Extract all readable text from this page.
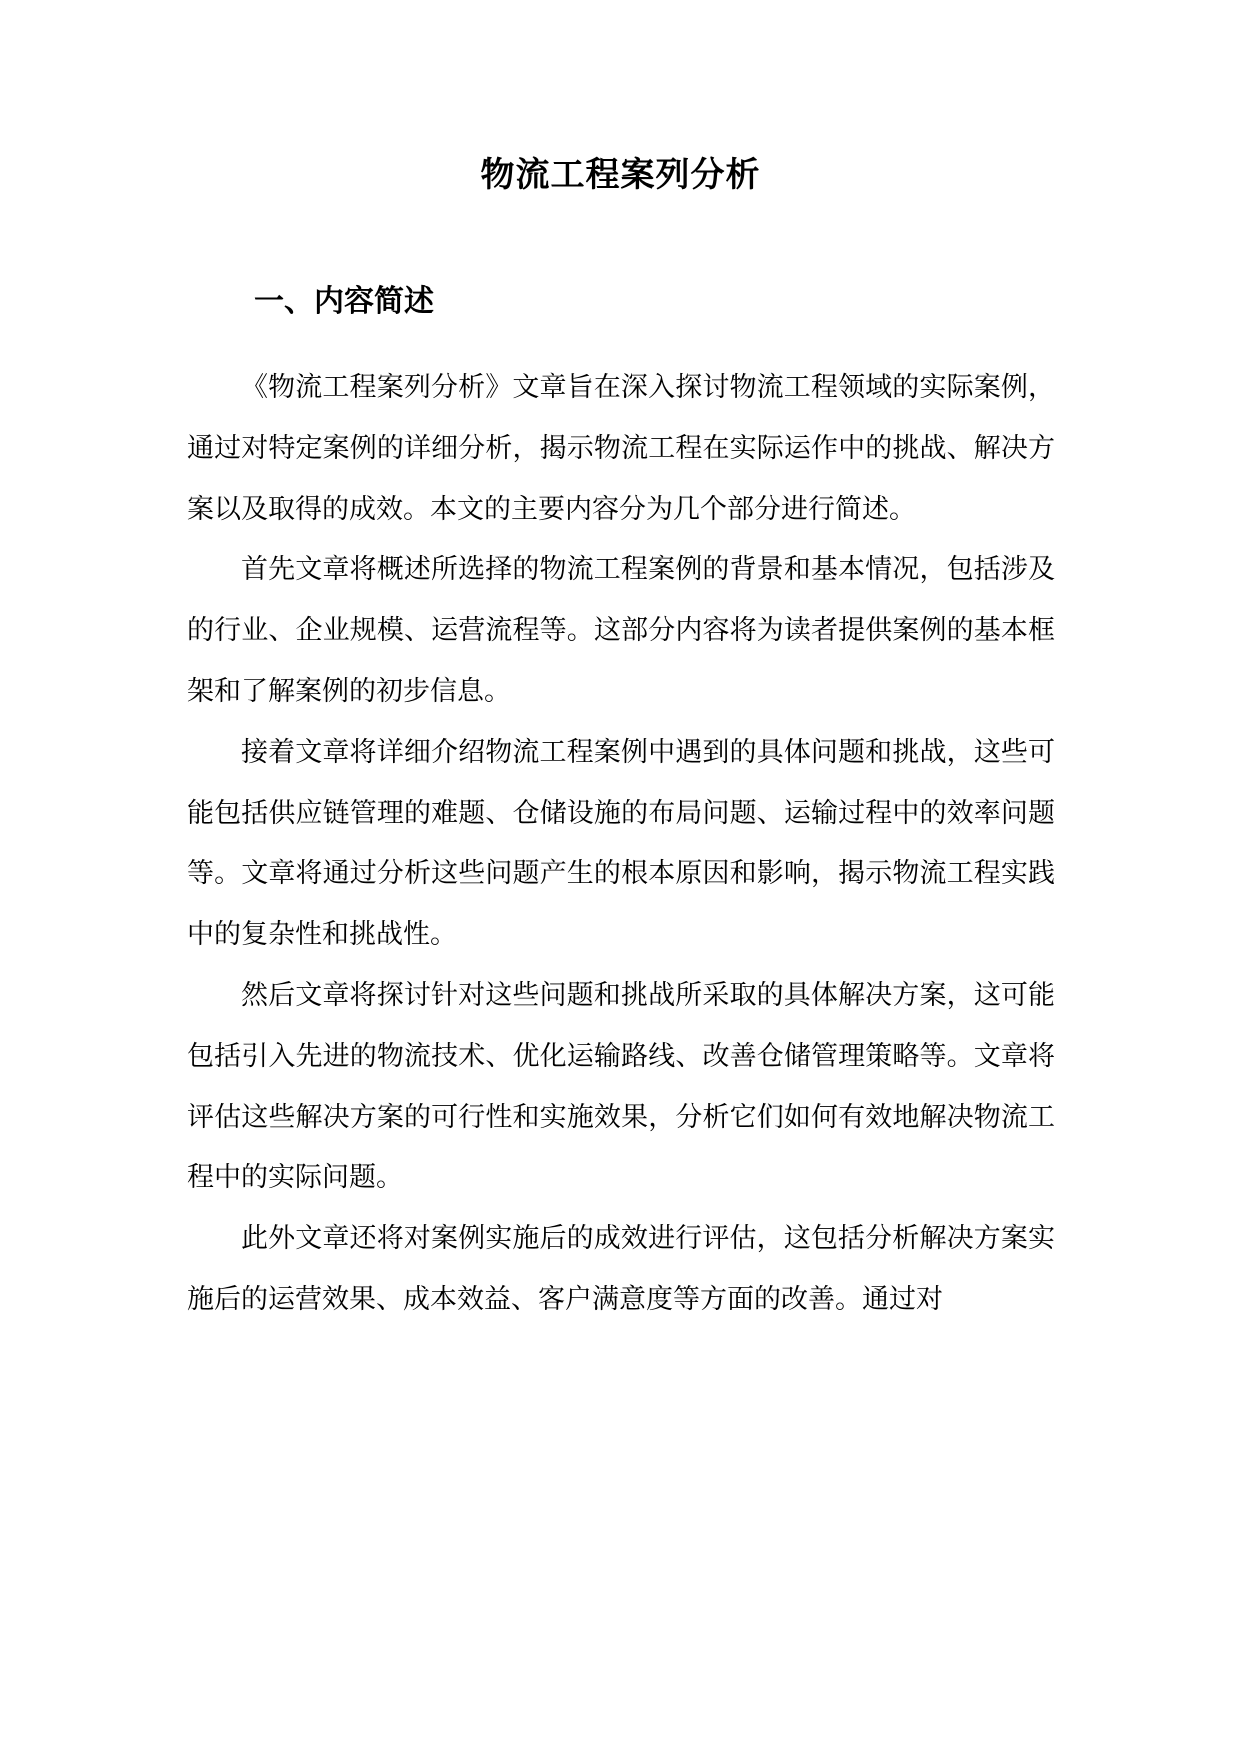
物流工程案列分析
一、内容简述

《物流工程案列分析》文章旨在深入探讨物流工程领域的实际案例，通过对特定案例的详细分析，揭示物流工程在实际运作中的挑战、解决方案以及取得的成效。本文的主要内容分为几个部分进行简述。

首先文章将概述所选择的物流工程案例的背景和基本情况，包括涉及的行业、企业规模、运营流程等。这部分内容将为读者提供案例的基本框架和了解案例的初步信息。

接着文章将详细介绍物流工程案例中遇到的具体问题和挑战，这些可能包括供应链管理的难题、仓储设施的布局问题、运输过程中的效率问题等。文章将通过分析这些问题产生的根本原因和影响，揭示物流工程实践中的复杂性和挑战性。

然后文章将探讨针对这些问题和挑战所采取的具体解决方案，这可能包括引入先进的物流技术、优化运输路线、改善仓储管理策略等。文章将评估这些解决方案的可行性和实施效果，分析它们如何有效地解决物流工程中的实际问题。

此外文章还将对案例实施后的成效进行评估，这包括分析解决方案实施后的运营效果、成本效益、客户满意度等方面的改善。通过对
